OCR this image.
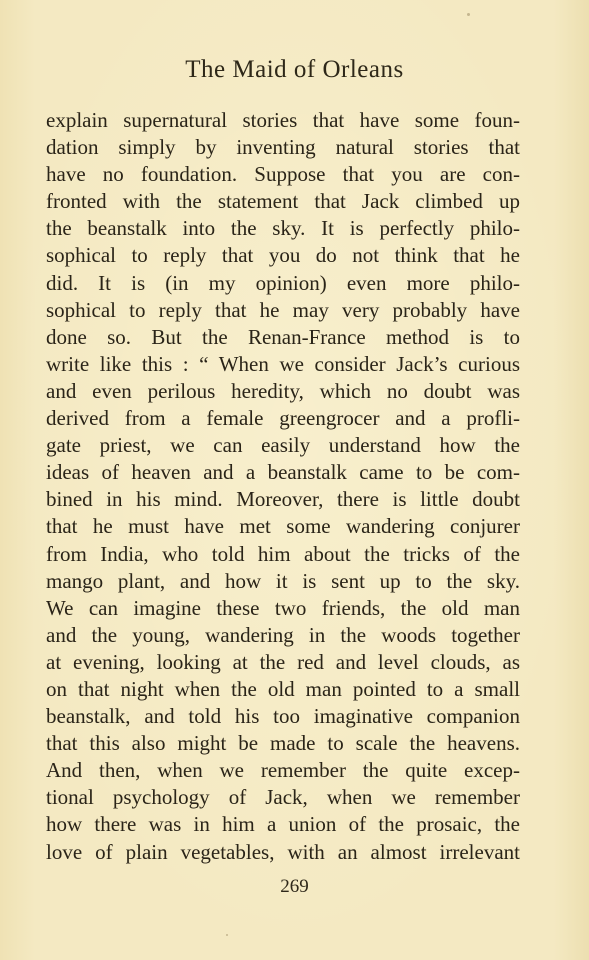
The Maid of Orleans
explain supernatural stories that have some foun-
dation simply by inventing natural stories that
have no foundation. Suppose that you are con-
fronted with the statement that Jack climbed up
the beanstalk into the sky. It is perfectly philo-
sophical to reply that you do not think that he
did. It is (in my opinion) even more philo-
sophical to reply that he may very probably have
done so. But the Renan-France method is to
write like this : “ When we consider Jack’s curious
and even perilous heredity, which no doubt was
derived from a female greengrocer and a profli-
gate priest, we can easily understand how the
ideas of heaven and a beanstalk came to be com-
bined in his mind. Moreover, there is little doubt
that he must have met some wandering conjurer
from India, who told him about the tricks of the
mango plant, and how it is sent up to the sky.
We can imagine these two friends, the old man
and the young, wandering in the woods together
at evening, looking at the red and level clouds, as
on that night when the old man pointed to a small
beanstalk, and told his too imaginative companion
that this also might be made to scale the heavens.
And then, when we remember the quite excep-
tional psychology of Jack, when we remember
how there was in him a union of the prosaic, the
love of plain vegetables, with an almost irrelevant
269
